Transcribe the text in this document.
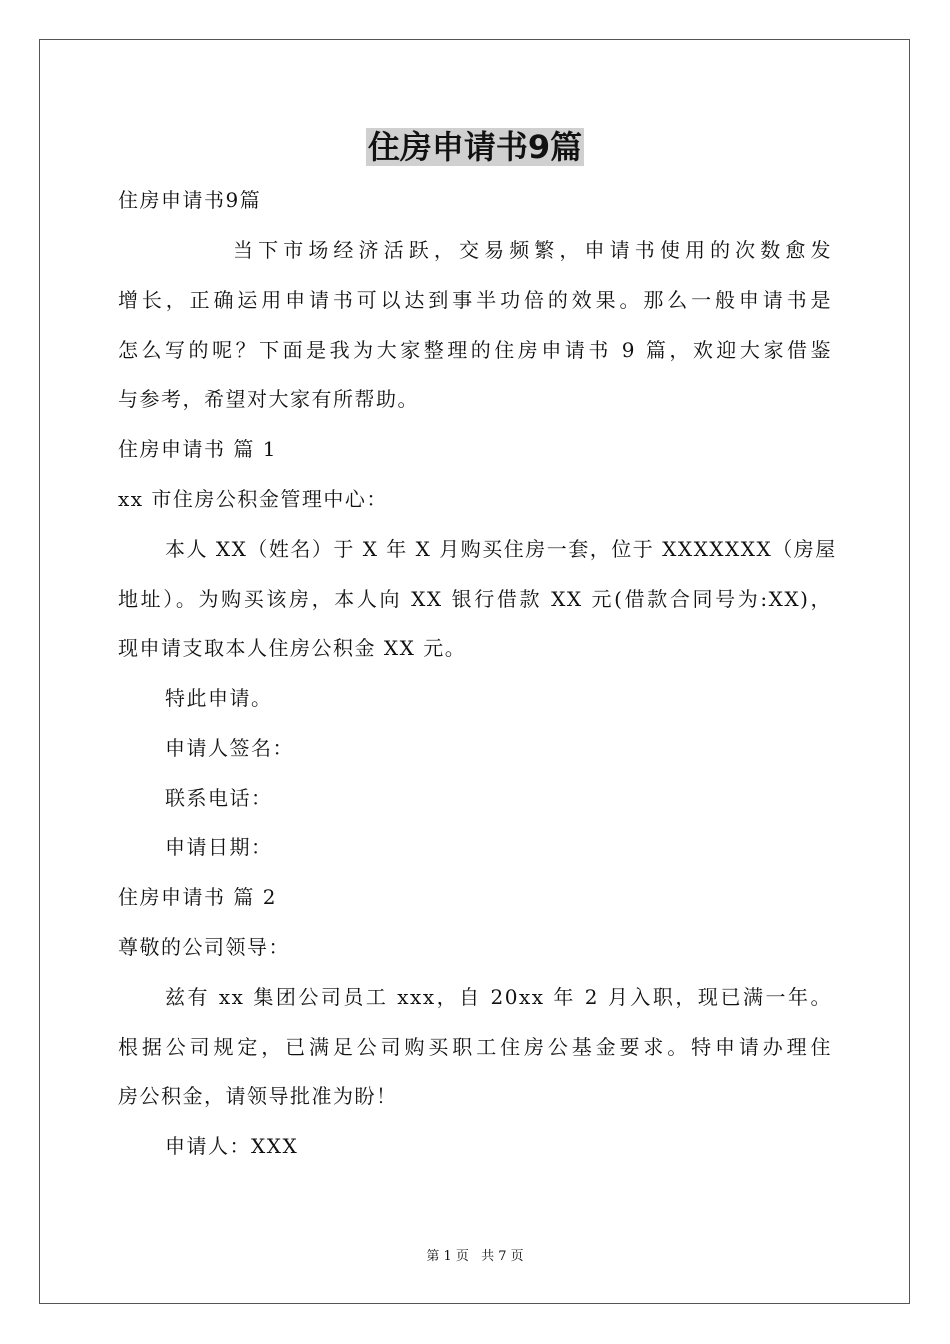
住房申请书9篇
住房申请书9篇
当下市场经济活跃，交易频繁，申请书使用的次数愈发
增长，正确运用申请书可以达到事半功倍的效果。那么一般申请书是
怎么写的呢？下面是我为大家整理的住房申请书 9 篇，欢迎大家借鉴
与参考，希望对大家有所帮助。
住房申请书 篇 1
xx 市住房公积金管理中心：
本人 XX（姓名）于 X 年 X 月购买住房一套，位于 XXXXXXX（房屋
地址）。为购买该房，本人向 XX 银行借款 XX 元(借款合同号为:XX)，
现申请支取本人住房公积金 XX 元。
特此申请。
申请人签名：
联系电话：
申请日期：
住房申请书 篇 2
尊敬的公司领导：
兹有 xx 集团公司员工 xxx，自 20xx 年 2 月入职，现已满一年。
根据公司规定，已满足公司购买职工住房公基金要求。特申请办理住
房公积金，请领导批准为盼！
申请人：XXX
第 1 页 共 7 页
